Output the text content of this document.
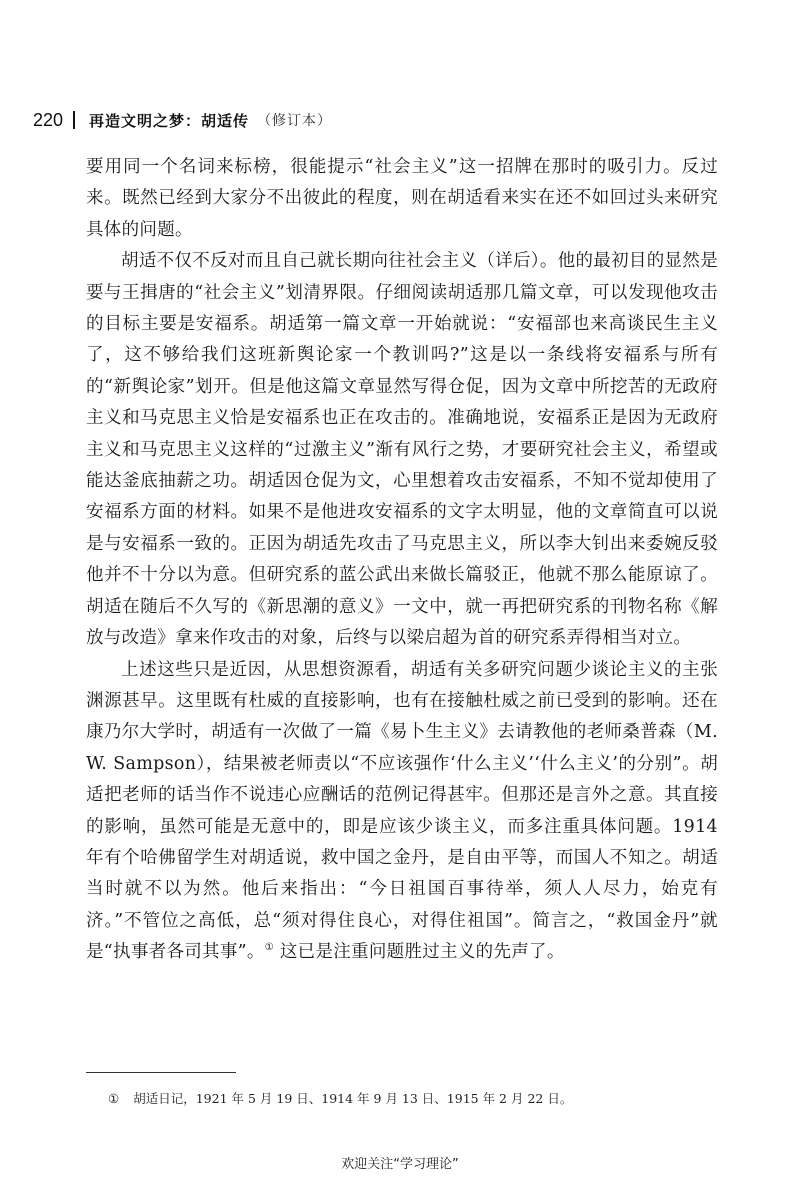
220 再造文明之梦：胡适传 （修订本）

要用同一个名词来标榜，很能提示“社会主义”这一招牌在那时的吸引力。反过来。既然已经到大家分不出彼此的程度，则在胡适看来实在还不如回过头来研究具体的问题。

胡适不仅不反对而且自己就长期向往社会主义（详后）。他的最初目的显然是要与王揖唐的“社会主义”划清界限。仔细阅读胡适那几篇文章，可以发现他攻击的目标主要是安福系。胡适第一篇文章一开始就说：“安福部也来高谈民生主义了，这不够给我们这班新舆论家一个教训吗?”这是以一条线将安福系与所有的“新舆论家”划开。但是他这篇文章显然写得仓促，因为文章中所挖苦的无政府主义和马克思主义恰是安福系也正在攻击的。准确地说，安福系正是因为无政府主义和马克思主义这样的“过激主义”渐有风行之势，才要研究社会主义，希望或能达釜底抽薪之功。胡适因仓促为文，心里想着攻击安福系，不知不觉却使用了安福系方面的材料。如果不是他进攻安福系的文字太明显，他的文章简直可以说是与安福系一致的。正因为胡适先攻击了马克思主义，所以李大钊出来委婉反驳他并不十分以为意。但研究系的蓝公武出来做长篇驳正，他就不那么能原谅了。胡适在随后不久写的《新思潮的意义》一文中，就一再把研究系的刊物名称《解放与改造》拿来作攻击的对象，后终与以梁启超为首的研究系弄得相当对立。

上述这些只是近因，从思想资源看，胡适有关多研究问题少谈论主义的主张渊源甚早。这里既有杜威的直接影响，也有在接触杜威之前已受到的影响。还在康乃尔大学时，胡适有一次做了一篇《易卜生主义》去请教他的老师桑普森（M. W. Sampson），结果被老师责以“不应该强作‘什么主义’‘什么主义’的分别”。胡适把老师的话当作不说违心应酬话的范例记得甚牢。但那还是言外之意。其直接的影响，虽然可能是无意中的，即是应该少谈主义，而多注重具体问题。1914 年有个哈佛留学生对胡适说，救中国之金丹，是自由平等，而国人不知之。胡适当时就不以为然。他后来指出：“今日祖国百事待举，须人人尽力，始克有济。”不管位之高低，总“须对得住良心，对得住祖国”。简言之，“救国金丹”就是“执事者各司其事”。① 这已是注重问题胜过主义的先声了。

① 胡适日记，1921 年 5 月 19 日、1914 年 9 月 13 日、1915 年 2 月 22 日。
欢迎关注“学习理论”
